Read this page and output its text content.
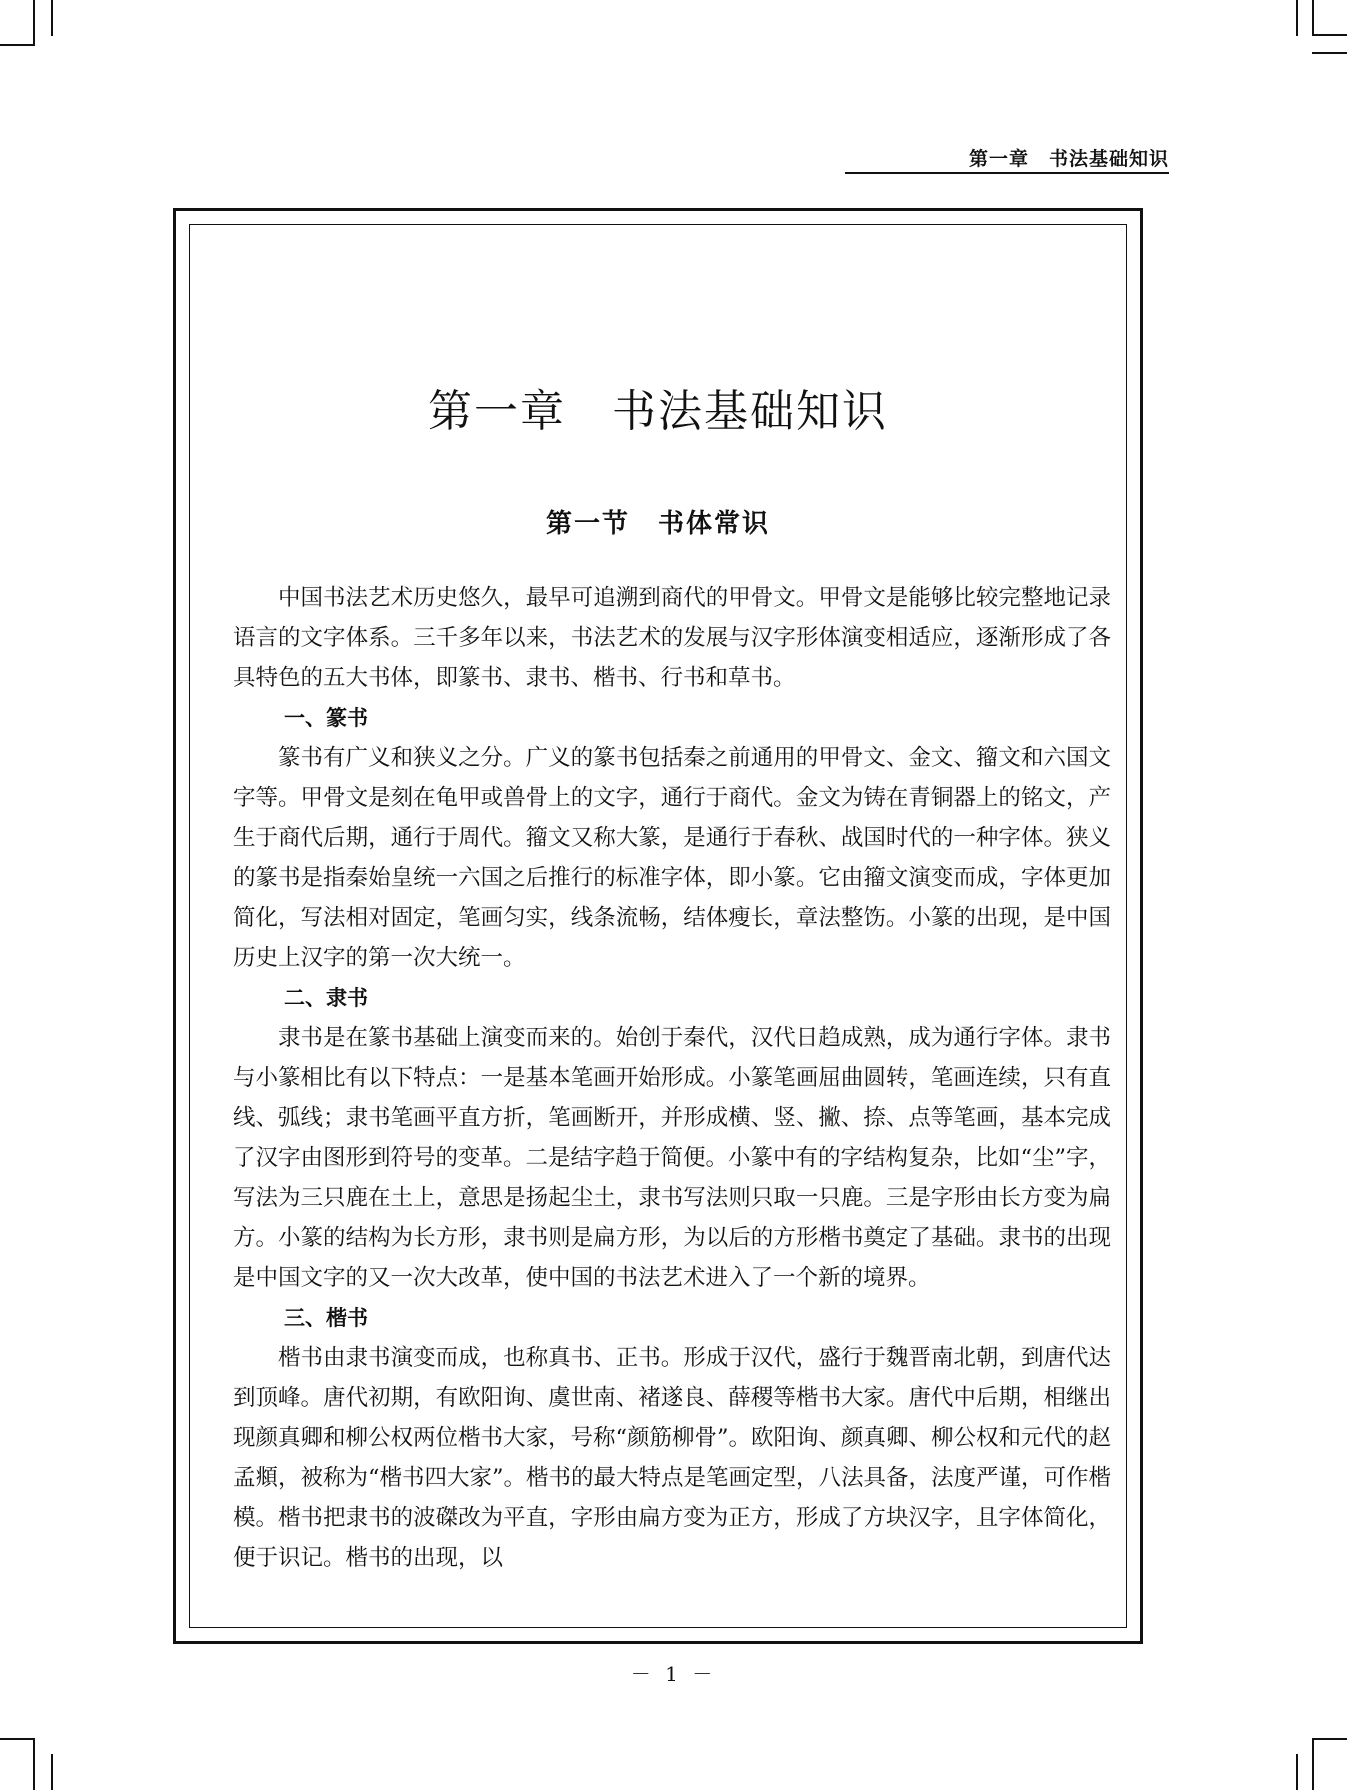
第一章　书法基础知识
第一章　书法基础知识
第一节　书体常识

中国书法艺术历史悠久，最早可追溯到商代的甲骨文。甲骨文是能够比较完整地记录语言的文字体系。三千多年以来，书法艺术的发展与汉字形体演变相适应，逐渐形成了各具特色的五大书体，即篆书、隶书、楷书、行书和草书。

一、篆书

篆书有广义和狭义之分。广义的篆书包括秦之前通用的甲骨文、金文、籀文和六国文字等。甲骨文是刻在龟甲或兽骨上的文字，通行于商代。金文为铸在青铜器上的铭文，产生于商代后期，通行于周代。籀文又称大篆，是通行于春秋、战国时代的一种字体。狭义的篆书是指秦始皇统一六国之后推行的标准字体，即小篆。它由籀文演变而成，字体更加简化，写法相对固定，笔画匀实，线条流畅，结体瘦长，章法整饬。小篆的出现，是中国历史上汉字的第一次大统一。

二、隶书

隶书是在篆书基础上演变而来的。始创于秦代，汉代日趋成熟，成为通行字体。隶书与小篆相比有以下特点：一是基本笔画开始形成。小篆笔画屈曲圆转，笔画连续，只有直线、弧线；隶书笔画平直方折，笔画断开，并形成横、竖、撇、捺、点等笔画，基本完成了汉字由图形到符号的变革。二是结字趋于简便。小篆中有的字结构复杂，比如“尘”字，写法为三只鹿在土上，意思是扬起尘土，隶书写法则只取一只鹿。三是字形由长方变为扁方。小篆的结构为长方形，隶书则是扁方形，为以后的方形楷书奠定了基础。隶书的出现是中国文字的又一次大改革，使中国的书法艺术进入了一个新的境界。

三、楷书

楷书由隶书演变而成，也称真书、正书。形成于汉代，盛行于魏晋南北朝，到唐代达到顶峰。唐代初期，有欧阳询、虞世南、褚遂良、薛稷等楷书大家。唐代中后期，相继出现颜真卿和柳公权两位楷书大家，号称“颜筋柳骨”。欧阳询、颜真卿、柳公权和元代的赵孟頫，被称为“楷书四大家”。楷书的最大特点是笔画定型，八法具备，法度严谨，可作楷模。楷书把隶书的波磔改为平直，字形由扁方变为正方，形成了方块汉字，且字体简化，便于识记。楷书的出现，以

－ 1 －
